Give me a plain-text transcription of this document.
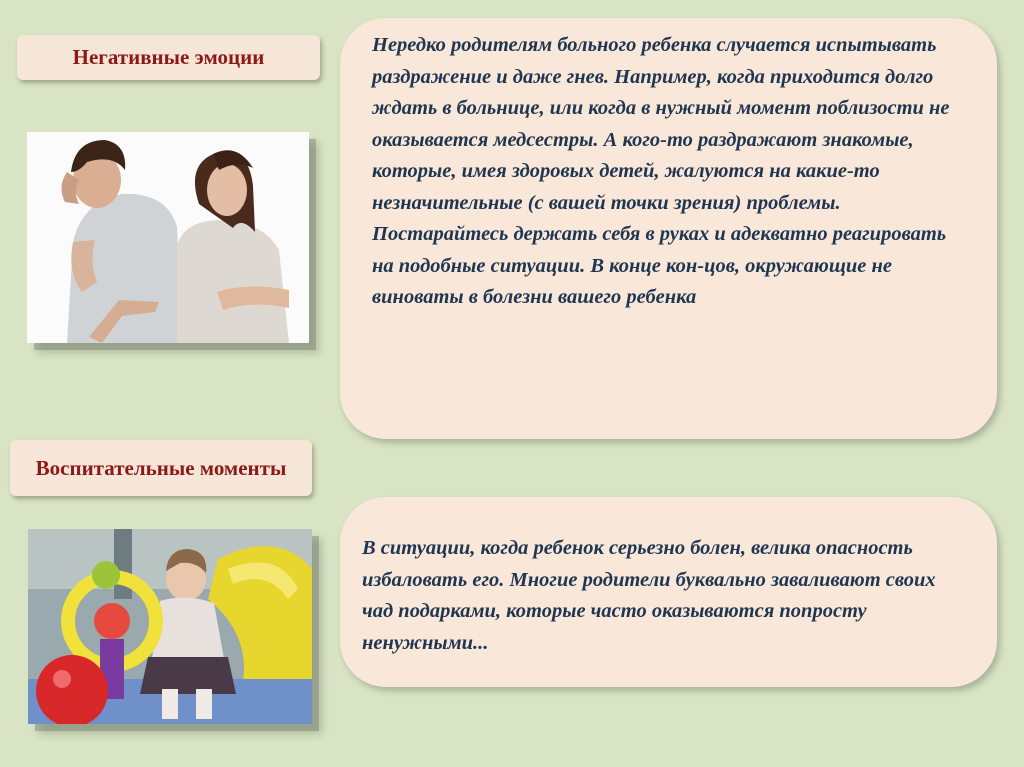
Негативные эмоции	Нередко родителям больного ребенка случается испытывать раздражение и даже гнев. Например, когда приходится долго ждать в больнице, или когда в нужный момент поблизости не оказывается медсестры. А кого-то раздражают знакомые, которые, имея здоровых детей, жалуются на какие-то незначительные (с вашей точки зрения) проблемы.

Постарайтесь держать себя в руках и адекватно реагировать на подобные ситуации. В конце кон-цов, окружающие не виноваты в болезни вашего ребенка

Воспитательные моменты

В ситуации, когда ребенок серьезно болен, велика опасность избаловать его. Многие родители буквально заваливают своих чад подарками, которые часто оказываются попросту ненужными...
